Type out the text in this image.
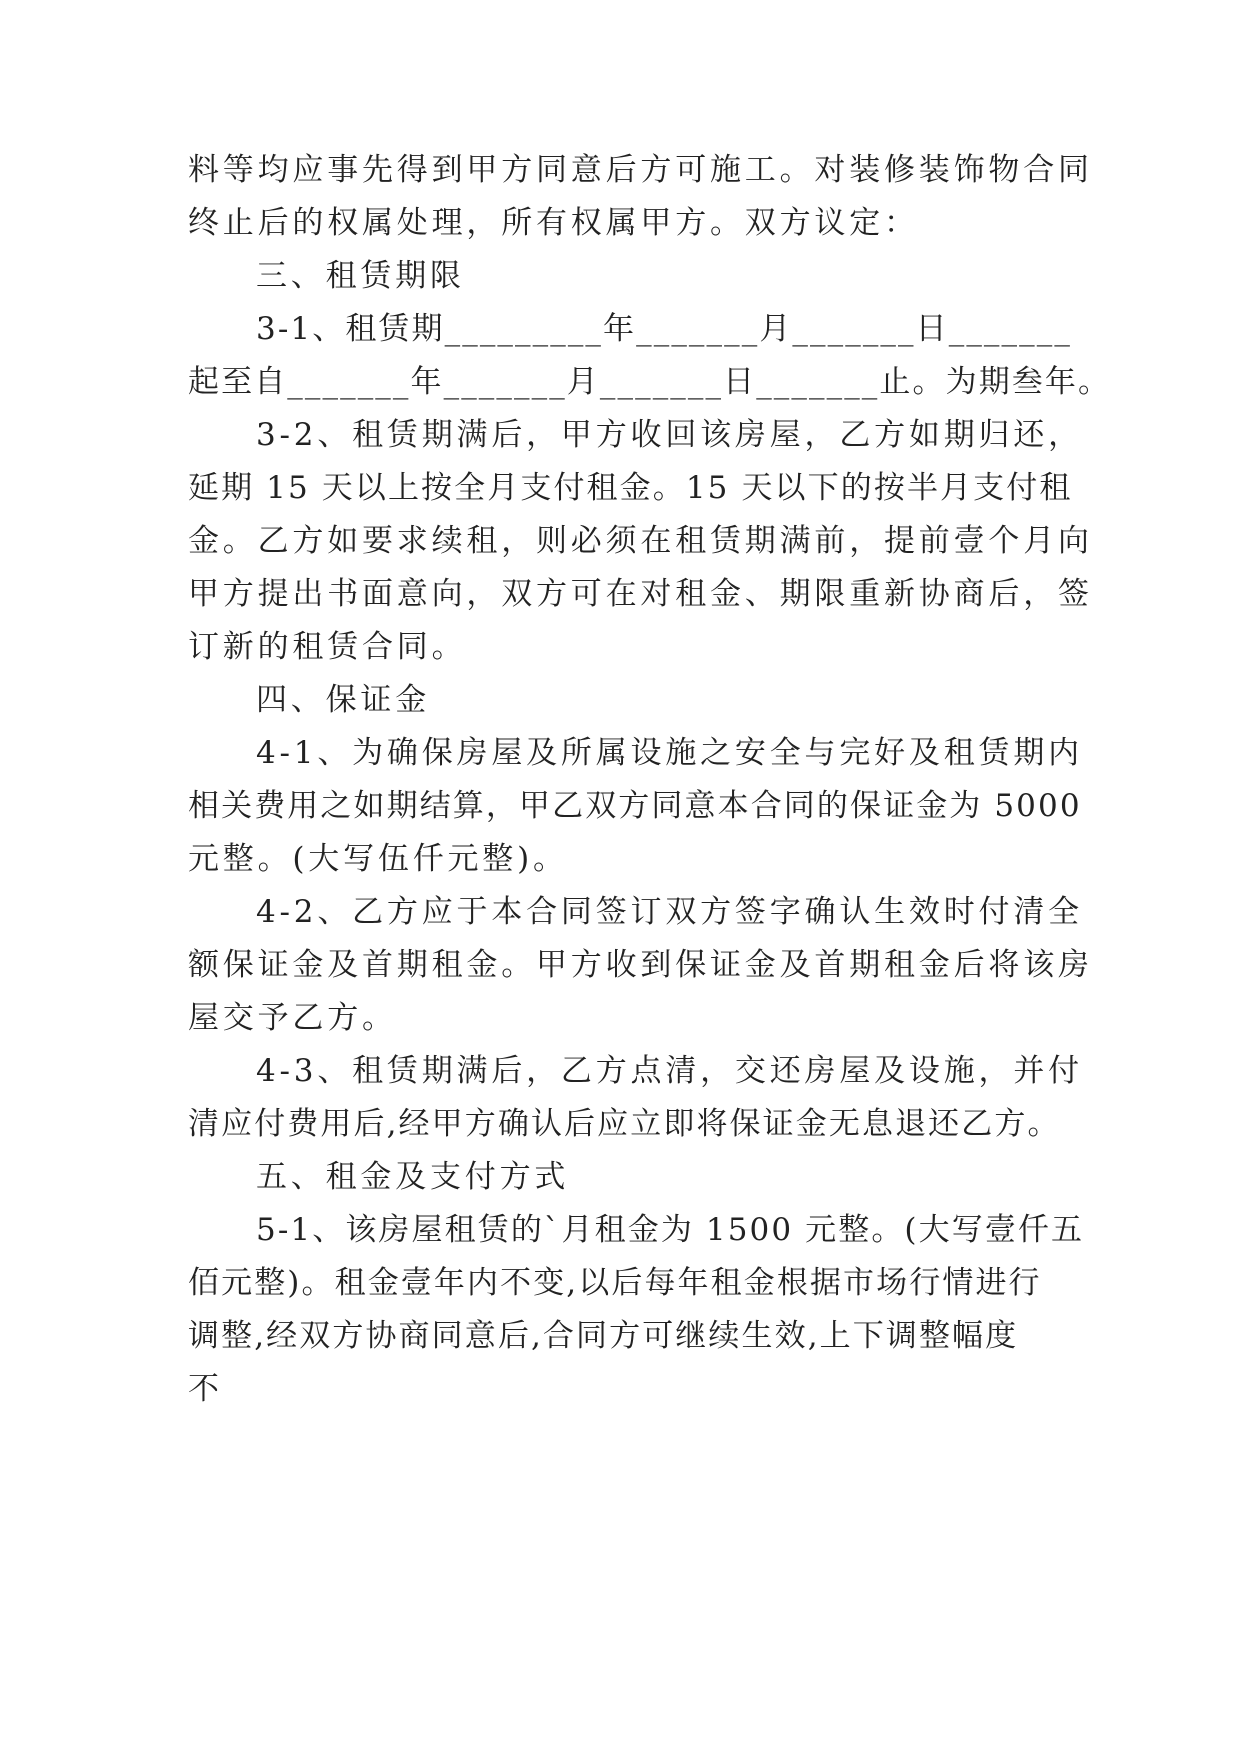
料等均应事先得到甲方同意后方可施工。对装修装饰物合同
终止后的权属处理，所有权属甲方。双方议定：
三、租赁期限
3-1、租赁期_________年_______月_______日_______
起至自_______年_______月_______日_______止。为期叁年。
3-2、租赁期满后，甲方收回该房屋，乙方如期归还，
延期 15 天以上按全月支付租金。15 天以下的按半月支付租
金。乙方如要求续租，则必须在租赁期满前，提前壹个月向
甲方提出书面意向，双方可在对租金、期限重新协商后，签
订新的租赁合同。
四、保证金
4-1、为确保房屋及所属设施之安全与完好及租赁期内
相关费用之如期结算，甲乙双方同意本合同的保证金为 5000
元整。(大写伍仟元整)。
4-2、乙方应于本合同签订双方签字确认生效时付清全
额保证金及首期租金。甲方收到保证金及首期租金后将该房
屋交予乙方。
4-3、租赁期满后，乙方点清，交还房屋及设施，并付
清应付费用后,经甲方确认后应立即将保证金无息退还乙方。
五、租金及支付方式
5-1、该房屋租赁的`月租金为 1500 元整。(大写壹仟五
佰元整)。租金壹年内不变,以后每年租金根据市场行情进行
调整,经双方协商同意后,合同方可继续生效,上下调整幅度
不
